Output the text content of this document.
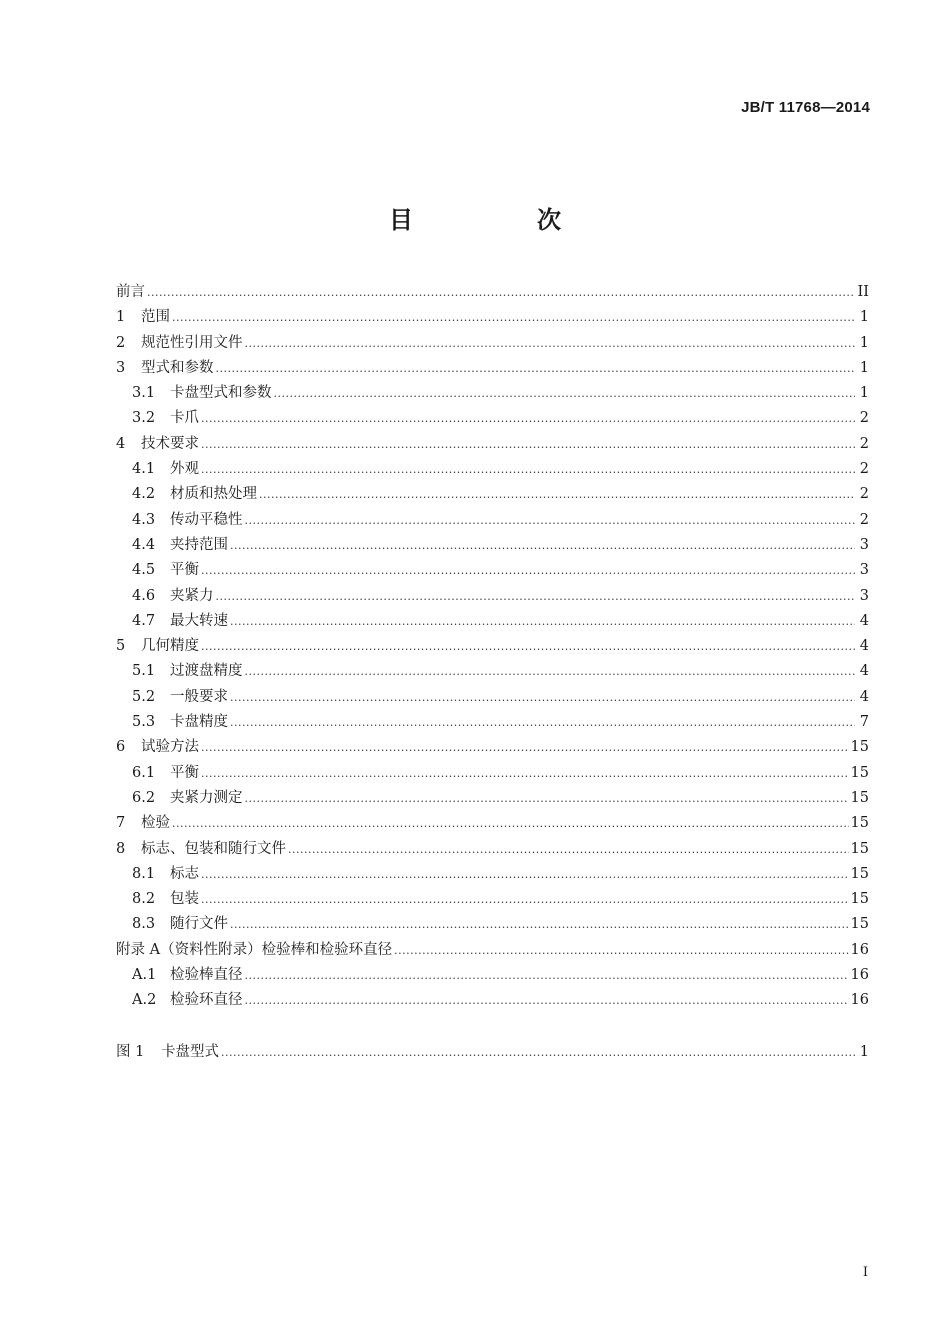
JB/T 11768—2014
目　次
前言 .....	II
1	范围 .....	1
2	规范性引用文件 .....	1
3	型式和参数 .....	1
3.1	卡盘型式和参数 .....	1
3.2	卡爪 .....	2
4	技术要求 .....	2
4.1	外观 .....	2
4.2	材质和热处理 .....	2
4.3	传动平稳性 .....	2
4.4	夹持范围 .....	3
4.5	平衡 .....	3
4.6	夹紧力 .....	3
4.7	最大转速 .....	4
5	几何精度 .....	4
5.1	过渡盘精度 .....	4
5.2	一般要求 .....	4
5.3	卡盘精度 .....	7
6	试验方法 .....	15
6.1	平衡 .....	15
6.2	夹紧力测定 .....	15
7	检验 .....	15
8	标志、包装和随行文件 .....	15
8.1	标志 .....	15
8.2	包装 .....	15
8.3	随行文件 .....	15
附录 A（资料性附录）检验棒和检验环直径 .....	16
A.1 检验棒直径 .....	16
A.2 检验环直径 .....	16
图 1	卡盘型式 .....	1
I
